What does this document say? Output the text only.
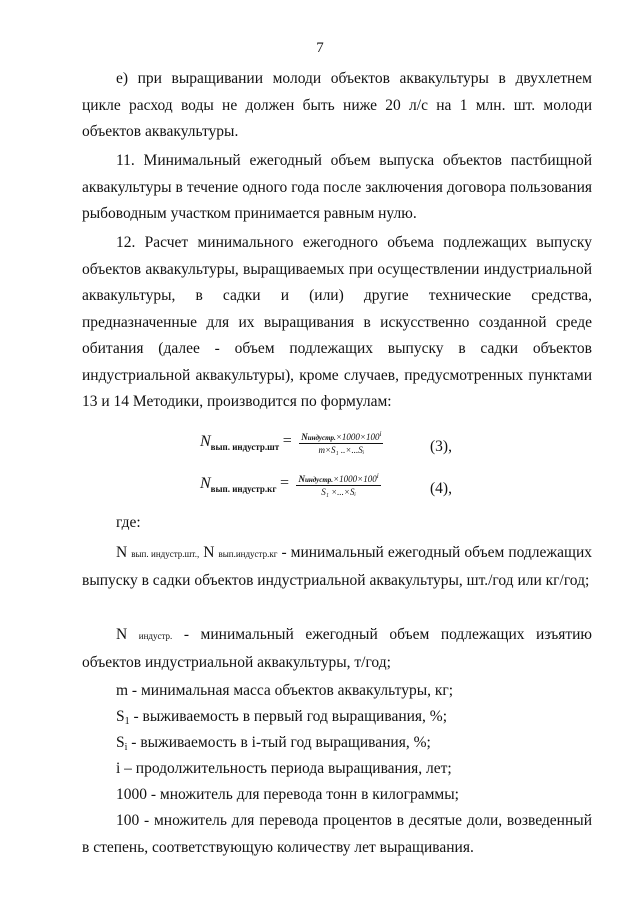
7

е) при выращивании молоди объектов аквакультуры в двухлетнем цикле расход воды не должен быть ниже 20 л/с на 1 млн. шт. молоди объектов аквакультуры.

11. Минимальный ежегодный объем выпуска объектов пастбищной аквакультуры в течение одного года после заключения договора пользования рыбоводным участком принимается равным нулю.

12. Расчет минимального ежегодного объема подлежащих выпуску объектов аквакультуры, выращиваемых при осуществлении индустриальной аквакультуры, в садки и (или) другие технические средства, предназначенные для их выращивания в искусственно созданной среде обитания (далее - объем подлежащих выпуску в садки объектов индустриальной аквакультуры), кроме случаев, предусмотренных пунктами 13 и 14 Методики, производится по формулам:

$N_{вып. индустр.шт} = \frac{Nиндустр.\times 1000\times 100^i}{\text{m×S₁ ..×...Sᵢ}}$	(3),
$N_{вып. индустр.кг} = \frac{Nиндустр.\times 1000\times 100^i}{\text{S₁ ×...×Sᵢ}}$	(4),
где:

N вып. индустр.шт., N вып.индустр.кг - минимальный ежегодный объем подлежащих выпуску в садки объектов индустриальной аквакультуры, шт./год или кг/год;

N индустр. - минимальный ежегодный объем подлежащих изъятию объектов индустриальной аквакультуры, т/год;

m - минимальная масса объектов аквакультуры, кг;
S1 - выживаемость в первый год выращивания, %;
Si - выживаемость в i-тый год выращивания, %;
i – продолжительность периода выращивания, лет;
1000 - множитель для перевода тонн в килограммы;

100 - множитель для перевода процентов в десятые доли, возведенный в степень, соответствующую количеству лет выращивания.
